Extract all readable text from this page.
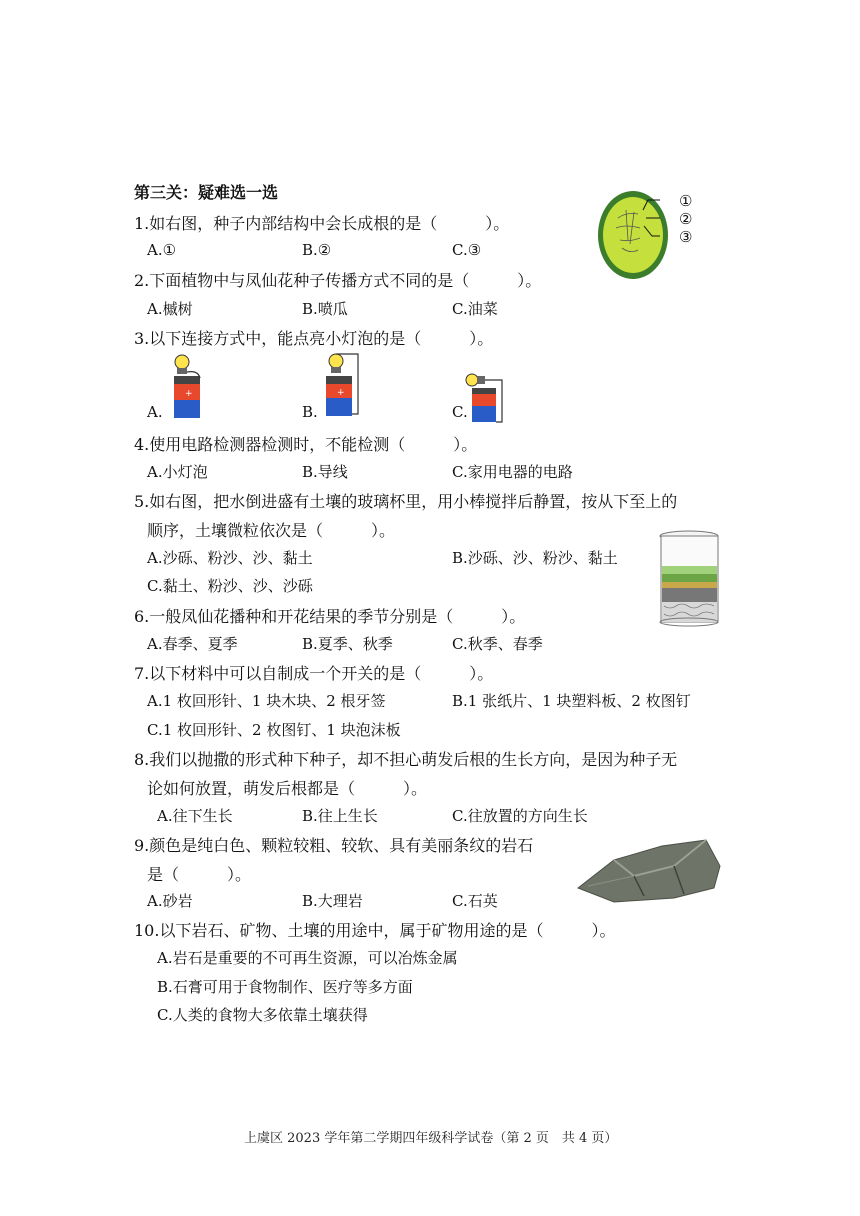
第三关：疑难选一选
1.如右图，种子内部结构中会长成根的是（　　　）。
A.①	B.②	C.③
①
②
③
2.下面植物中与凤仙花种子传播方式不同的是（　　　）。
A.槭树	B.喷瓜	C.油菜
3.以下连接方式中，能点亮小灯泡的是（　　　）。
A.	B.	C.
+	+
4.使用电路检测器检测时，不能检测（　　　）。
A.小灯泡	B.导线	C.家用电器的电路
5.如右图，把水倒进盛有土壤的玻璃杯里，用小棒搅拌后静置，按从下至上的
顺序，土壤微粒依次是（　　　）。
A.沙砾、粉沙、沙、黏土	B.沙砾、沙、粉沙、黏土
C.黏土、粉沙、沙、沙砾
6.一般凤仙花播种和开花结果的季节分别是（　　　）。
A.春季、夏季	B.夏季、秋季	C.秋季、春季
7.以下材料中可以自制成一个开关的是（　　　）。
A.1 枚回形针、1 块木块、2 根牙签	B.1 张纸片、1 块塑料板、2 枚图钉
C.1 枚回形针、2 枚图钉、1 块泡沫板
8.我们以抛撒的形式种下种子，却不担心萌发后根的生长方向，是因为种子无
论如何放置，萌发后根都是（　　　）。
A.往下生长	B.往上生长	C.往放置的方向生长
9.颜色是纯白色、颗粒较粗、较软、具有美丽条纹的岩石
是（　　　）。
A.砂岩	B.大理岩	C.石英
10.以下岩石、矿物、土壤的用途中，属于矿物用途的是（　　　）。
A.岩石是重要的不可再生资源，可以冶炼金属
B.石膏可用于食物制作、医疗等多方面
C.人类的食物大多依靠土壤获得
上虞区 2023 学年第二学期四年级科学试卷（第 2 页　共 4 页）
